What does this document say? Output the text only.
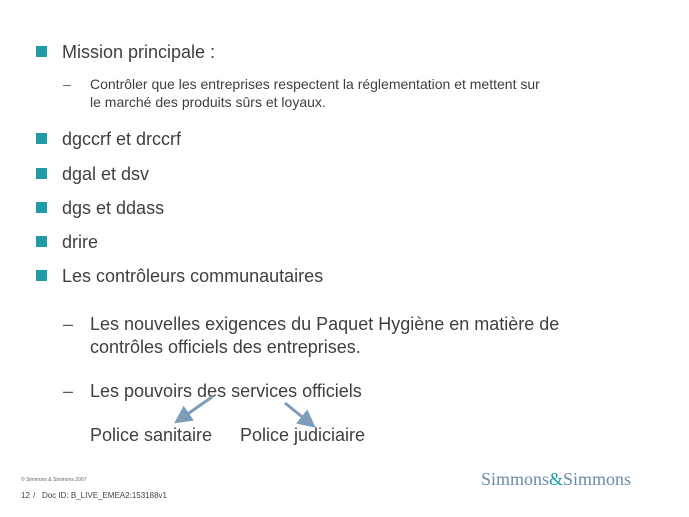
Mission principale :
–	Contrôler que les entreprises respectent la réglementation et mettent sur
le marché des produits sûrs et loyaux.
dgccrf et drccrf
dgal et dsv
dgs et ddass
drire
Les contrôleurs communautaires
– Les nouvelles exigences du Paquet Hygiène en matière de
contrôles officiels des entreprises.
– Les pouvoirs des services officiels
Police sanitaire Police judiciaire
© Simmons & Simmons 2007
12 / Doc ID: B_LIVE_EMEA2:153188v1
Simmons&Simmons
